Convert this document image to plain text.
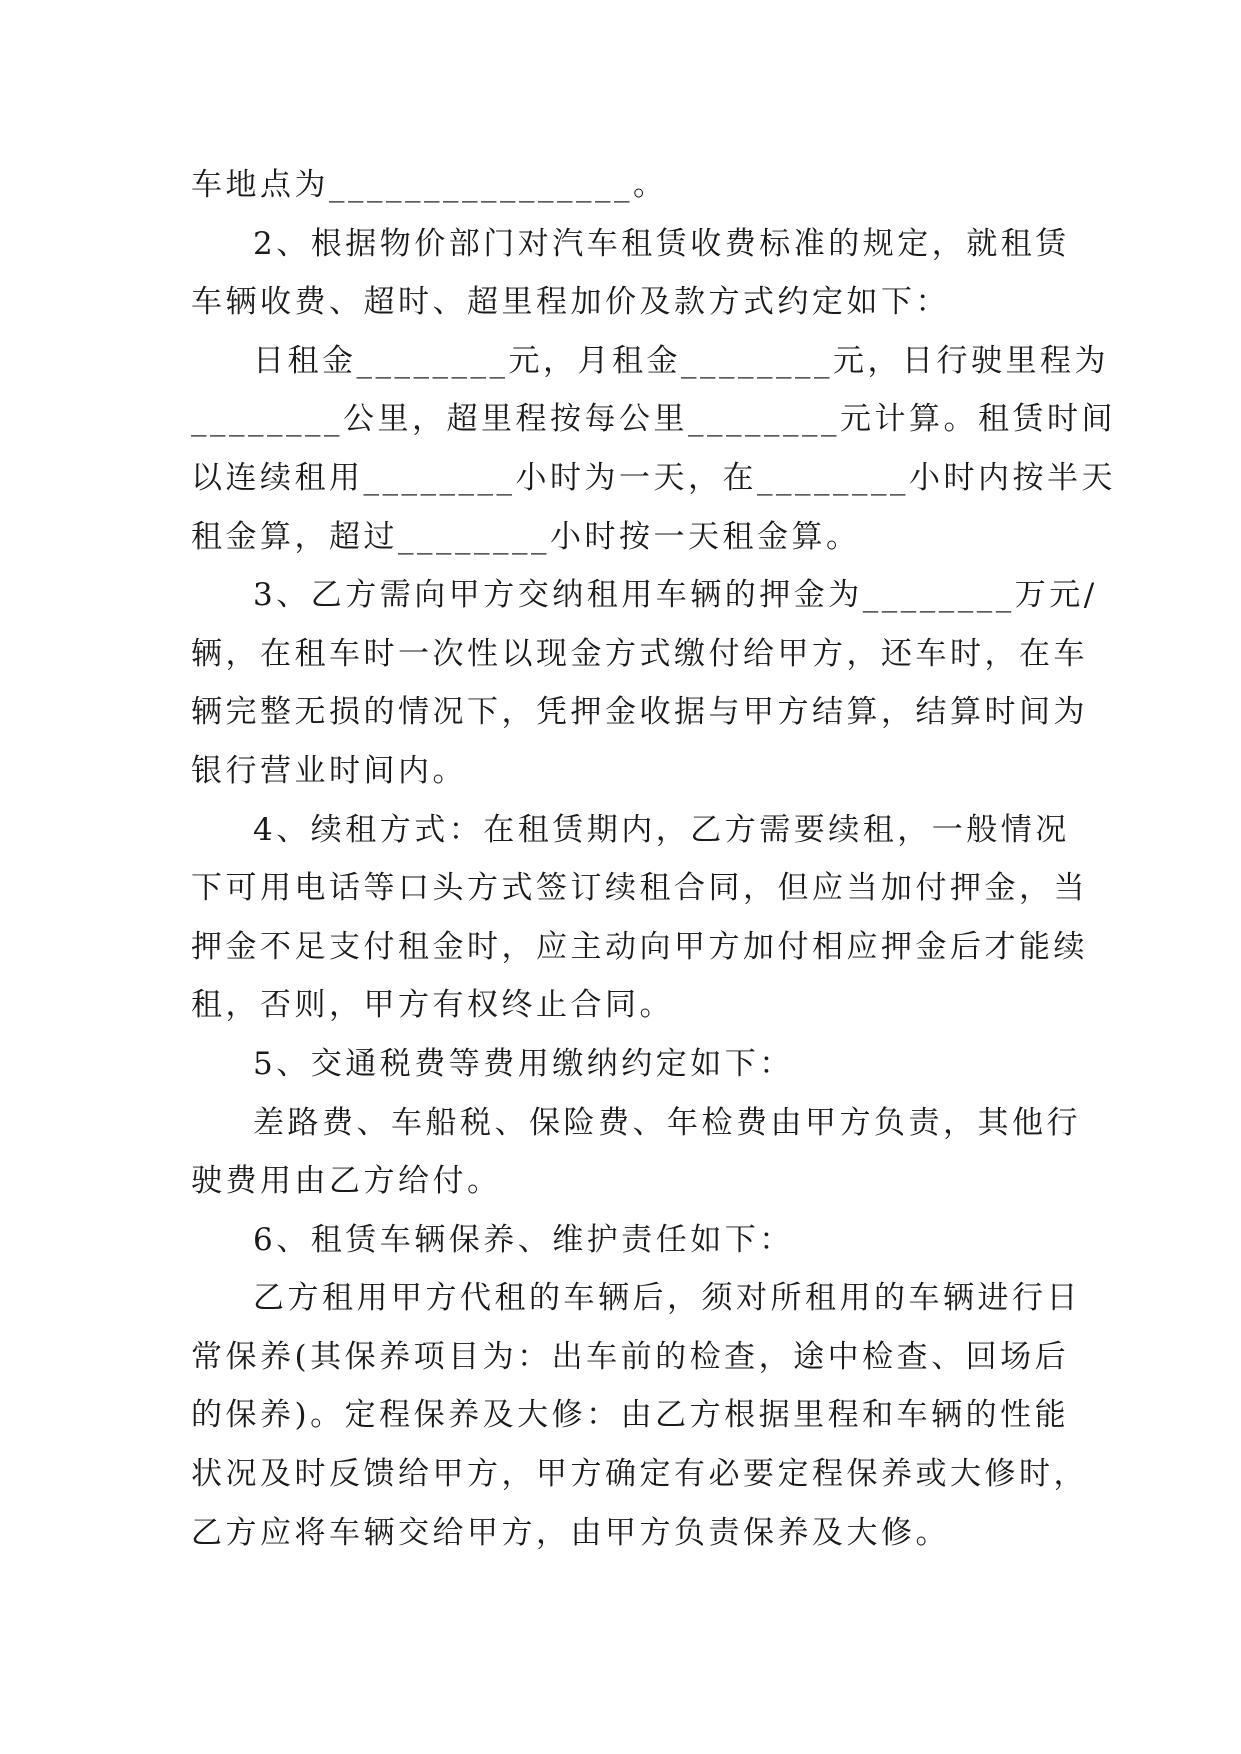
车地点为________________。
2、根据物价部门对汽车租赁收费标准的规定，就租赁
车辆收费、超时、超里程加价及款方式约定如下：
日租金________元，月租金________元，日行驶里程为
________公里，超里程按每公里________元计算。租赁时间
以连续租用________小时为一天，在________小时内按半天
租金算，超过________小时按一天租金算。
3、乙方需向甲方交纳租用车辆的押金为________万元/
辆，在租车时一次性以现金方式缴付给甲方，还车时，在车
辆完整无损的情况下，凭押金收据与甲方结算，结算时间为
银行营业时间内。
4、续租方式：在租赁期内，乙方需要续租，一般情况
下可用电话等口头方式签订续租合同，但应当加付押金，当
押金不足支付租金时，应主动向甲方加付相应押金后才能续
租，否则，甲方有权终止合同。
5、交通税费等费用缴纳约定如下：
差路费、车船税、保险费、年检费由甲方负责，其他行
驶费用由乙方给付。
6、租赁车辆保养、维护责任如下：
乙方租用甲方代租的车辆后，须对所租用的车辆进行日
常保养(其保养项目为：出车前的检查，途中检查、回场后
的保养)。定程保养及大修：由乙方根据里程和车辆的性能
状况及时反馈给甲方，甲方确定有必要定程保养或大修时，
乙方应将车辆交给甲方，由甲方负责保养及大修。
